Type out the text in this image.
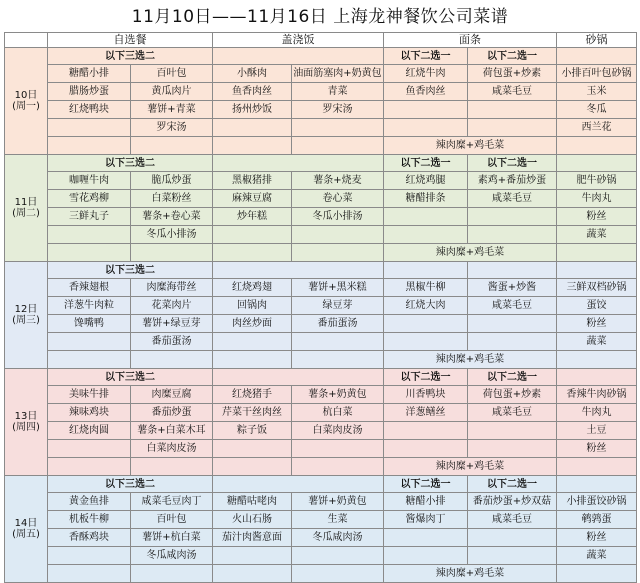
11月10日——11月16日 上海龙神餐饮公司菜谱
	自选餐		盖浇饭		面条		砂锅

10日
(周一)	以下三选二				以下二选一	以下二选一	
	糖醋小排	百叶包	小酥肉	油面筋塞肉+奶黄包	红烧牛肉	荷包蛋+炒素	小排百叶包砂锅
	腊肠炒蛋	黄瓜肉片	鱼香肉丝	青菜	鱼香肉丝	咸菜毛豆	玉米
	红烧鸭块	薯饼+青菜	扬州炒饭	罗宋汤			冬瓜
		罗宋汤					西兰花
					辣肉糜+鸡毛菜		

11日
(周二)	以下三选二				以下二选一	以下二选一	
	咖喱牛肉	脆瓜炒蛋	黑椒猪排	薯条+烧麦	红烧鸡腿	素鸡+番茄炒蛋	肥牛砂锅
	雪花鸡柳	白菜粉丝	麻辣豆腐	卷心菜	糖醋排条	咸菜毛豆	牛肉丸
	三鲜丸子	薯条+卷心菜	炒年糕	冬瓜小排汤			粉丝
		冬瓜小排汤					蔬菜
					辣肉糜+鸡毛菜		

12日
(周三)	以下三选二						
	香辣翅根	肉糜海带丝	红烧鸡翅	薯饼+黑米糕	黑椒牛柳	酱蛋+炒酱	三鲜双档砂锅
	洋葱牛肉粒	花菜肉片	回锅肉	绿豆芽	红烧大肉	咸菜毛豆	蛋饺
	馋嘴鸭	薯饼+绿豆芽	肉丝炒面	番茄蛋汤			粉丝
		番茄蛋汤					蔬菜
					辣肉糜+鸡毛菜		

13日
(周四)	以下三选二				以下二选一	以下二选一	
	美味牛排	肉糜豆腐	红烧猪手	薯条+奶黄包	川香鸭块	荷包蛋+炒素	香辣牛肉砂锅
	辣味鸡块	番茄炒蛋	芹菜干丝肉丝	杭白菜	洋葱鳝丝	咸菜毛豆	牛肉丸
	红烧肉圆	薯条+白菜木耳	粽子饭	白菜肉皮汤			土豆
		白菜肉皮汤					粉丝
					辣肉糜+鸡毛菜		

14日
(周五)	以下三选二				以下二选一	以下二选一	
	黄金鱼排	咸菜毛豆肉丁	糖醋咕咾肉	薯饼+奶黄包	糖醋小排	番茄炒蛋+炒双菇	小排蛋饺砂锅
	机板牛柳	百叶包	火山石肠	生菜	酱爆肉丁	咸菜毛豆	鹌鹑蛋
	香酥鸡块	薯饼+杭白菜	茄汁肉酱意面	冬瓜咸肉汤			粉丝
		冬瓜咸肉汤					蔬菜
					辣肉糜+鸡毛菜		
